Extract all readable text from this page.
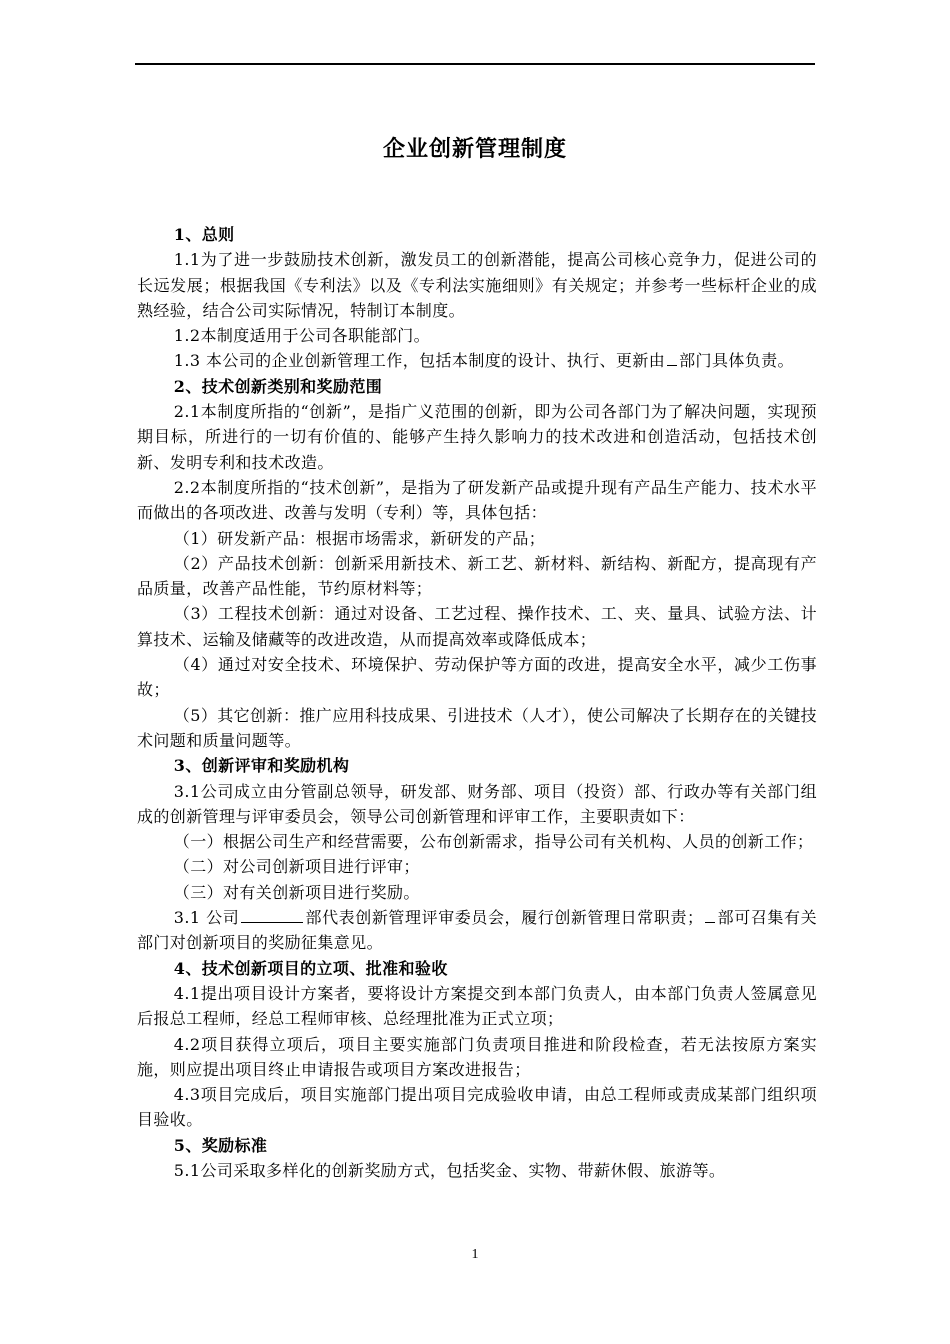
企业创新管理制度

1、总则

1.1为了进一步鼓励技术创新，激发员工的创新潜能，提高公司核心竞争力，促进公司的长远发展；根据我国《专利法》以及《专利法实施细则》有关规定；并参考一些标杆企业的成熟经验，结合公司实际情况，特制订本制度。

1.2本制度适用于公司各职能部门。

1.3 本公司的企业创新管理工作，包括本制度的设计、执行、更新由 部门具体负责。

2、技术创新类别和奖励范围

2.1本制度所指的“创新”，是指广义范围的创新，即为公司各部门为了解决问题，实现预期目标，所进行的一切有价值的、能够产生持久影响力的技术改进和创造活动，包括技术创新、发明专利和技术改造。

2.2本制度所指的“技术创新”，是指为了研发新产品或提升现有产品生产能力、技术水平而做出的各项改进、改善与发明（专利）等，具体包括：

（1）研发新产品：根据市场需求，新研发的产品；

（2）产品技术创新：创新采用新技术、新工艺、新材料、新结构、新配方，提高现有产品质量，改善产品性能，节约原材料等；

（3）工程技术创新：通过对设备、工艺过程、操作技术、工、夹、量具、试验方法、计算技术、运输及储藏等的改进改造，从而提高效率或降低成本；

（4）通过对安全技术、环境保护、劳动保护等方面的改进，提高安全水平，减少工伤事故；

（5）其它创新：推广应用科技成果、引进技术（人才），使公司解决了长期存在的关键技术问题和质量问题等。

3、创新评审和奖励机构

3.1公司成立由分管副总领导，研发部、财务部、项目（投资）部、行政办等有关部门组成的创新管理与评审委员会，领导公司创新管理和评审工作，主要职责如下：

（一）根据公司生产和经营需要，公布创新需求，指导公司有关机构、人员的创新工作；

（二）对公司创新项目进行评审；

（三）对有关创新项目进行奖励。

3.1 公司	部代表创新管理评审委员会，履行创新管理日常职责； 部可召集有关部门对创新项目的奖励征集意见。

4、技术创新项目的立项、批准和验收

4.1提出项目设计方案者，要将设计方案提交到本部门负责人，由本部门负责人签属意见后报总工程师，经总工程师审核、总经理批准为正式立项；

4.2项目获得立项后，项目主要实施部门负责项目推进和阶段检查，若无法按原方案实施，则应提出项目终止申请报告或项目方案改进报告；

4.3项目完成后，项目实施部门提出项目完成验收申请，由总工程师或责成某部门组织项目验收。

5、奖励标准

5.1公司采取多样化的创新奖励方式，包括奖金、实物、带薪休假、旅游等。

1
